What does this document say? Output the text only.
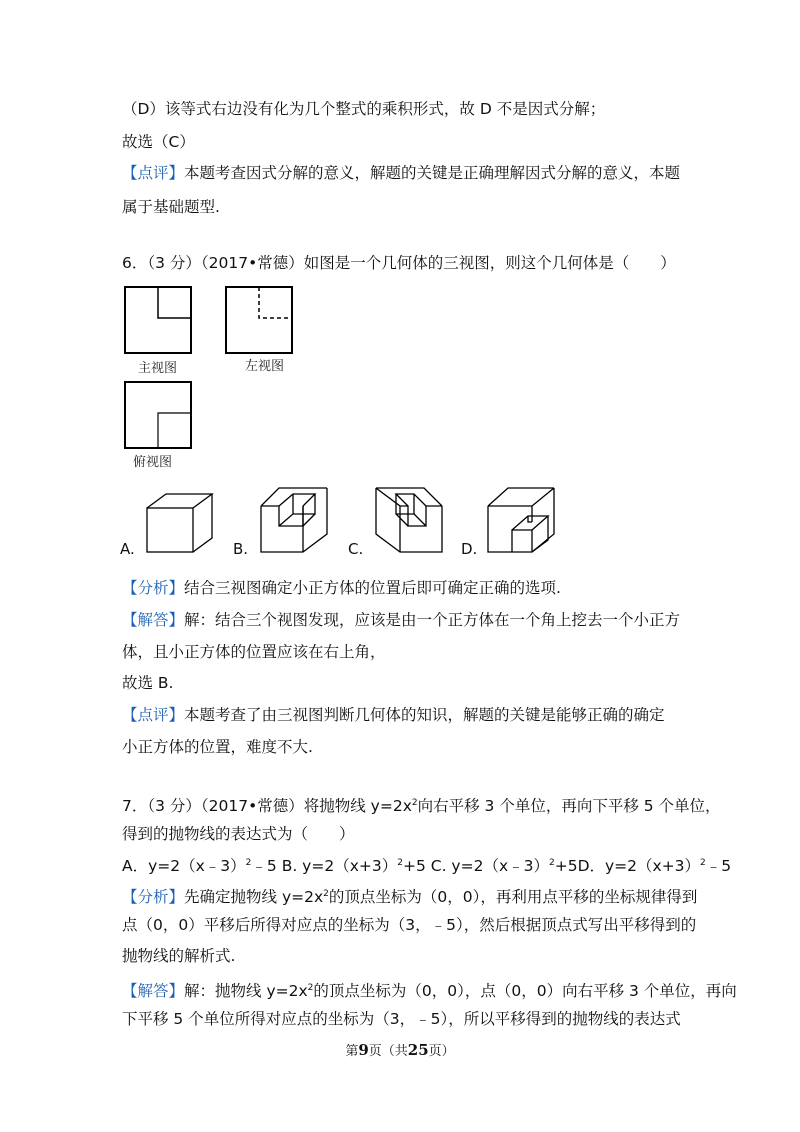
（D）该等式右边没有化为几个整式的乘积形式，故 D 不是因式分解；
故选（C）
【点评】本题考查因式分解的意义，解题的关键是正确理解因式分解的意义，本题
属于基础题型.
6．（3 分）（2017•常德）如图是一个几何体的三视图，则这个几何体是（　　）
主视图	左视图
俯视图
A.	B.	C.	D.
【分析】结合三视图确定小正方体的位置后即可确定正确的选项.
【解答】解：结合三个视图发现，应该是由一个正方体在一个角上挖去一个小正方
体，且小正方体的位置应该在右上角，
故选 B.
【点评】本题考查了由三视图判断几何体的知识，解题的关键是能够正确的确定
小正方体的位置，难度不大.
7．（3 分）（2017•常德）将抛物线 $y=2x^2$向右平移 3 个单位，再向下平移 5 个单位，
得到的抛物线的表达式为（　　）
A．y=2（x﹣3）$^2$﹣5 B. $y=2(x+3)^2+5$ C. y=2（x﹣3）$^2$+5D．$y=2(x+3)^2﹣5$
【分析】先确定抛物线 $y=2x^2$的顶点坐标为（0，0），再利用点平移的坐标规律得到
点（0，0）平移后所得对应点的坐标为（3，﹣5），然后根据顶点式写出平移得到的
抛物线的解析式.
【解答】解：抛物线 $y=2x^2$的顶点坐标为（0，0），点（0，0）向右平移 3 个单位，再向
下平移 5 个单位所得对应点的坐标为（3，﹣5），所以平移得到的抛物线的表达式
第9页（共25页）
